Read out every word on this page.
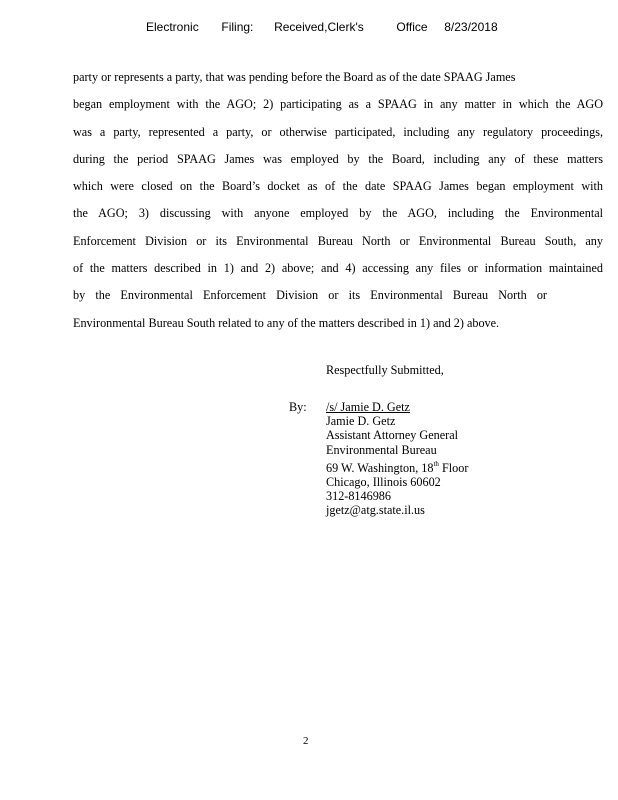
Electronic Filing: Received,Clerk's	Office 8/23/2018
party or represents a party, that was pending before the Board as of the date SPAAG James
began employment with the AGO; 2) participating as a SPAAG in any matter in which the AGO
was a party, represented a party, or otherwise participated, including any regulatory proceedings,
during the period SPAAG James was employed by the Board, including any of these matters
which were closed on the Board’s docket as of the date SPAAG James began employment with
the AGO; 3) discussing with anyone employed by the AGO, including the Environmental
Enforcement Division or its Environmental Bureau North or Environmental Bureau South, any
of the matters described in 1) and 2) above; and 4) accessing any files or information maintained
by the Environmental Enforcement Division or its Environmental Bureau North or
Environmental Bureau South related to any of the matters described in 1) and 2) above.
Respectfully Submitted,
By: /s/ Jamie D. Getz
Jamie D. Getz
Assistant Attorney General
Environmental Bureau
69 W. Washington, 18th Floor
Chicago, Illinois 60602
312-8146986
jgetz@atg.state.il.us
2
